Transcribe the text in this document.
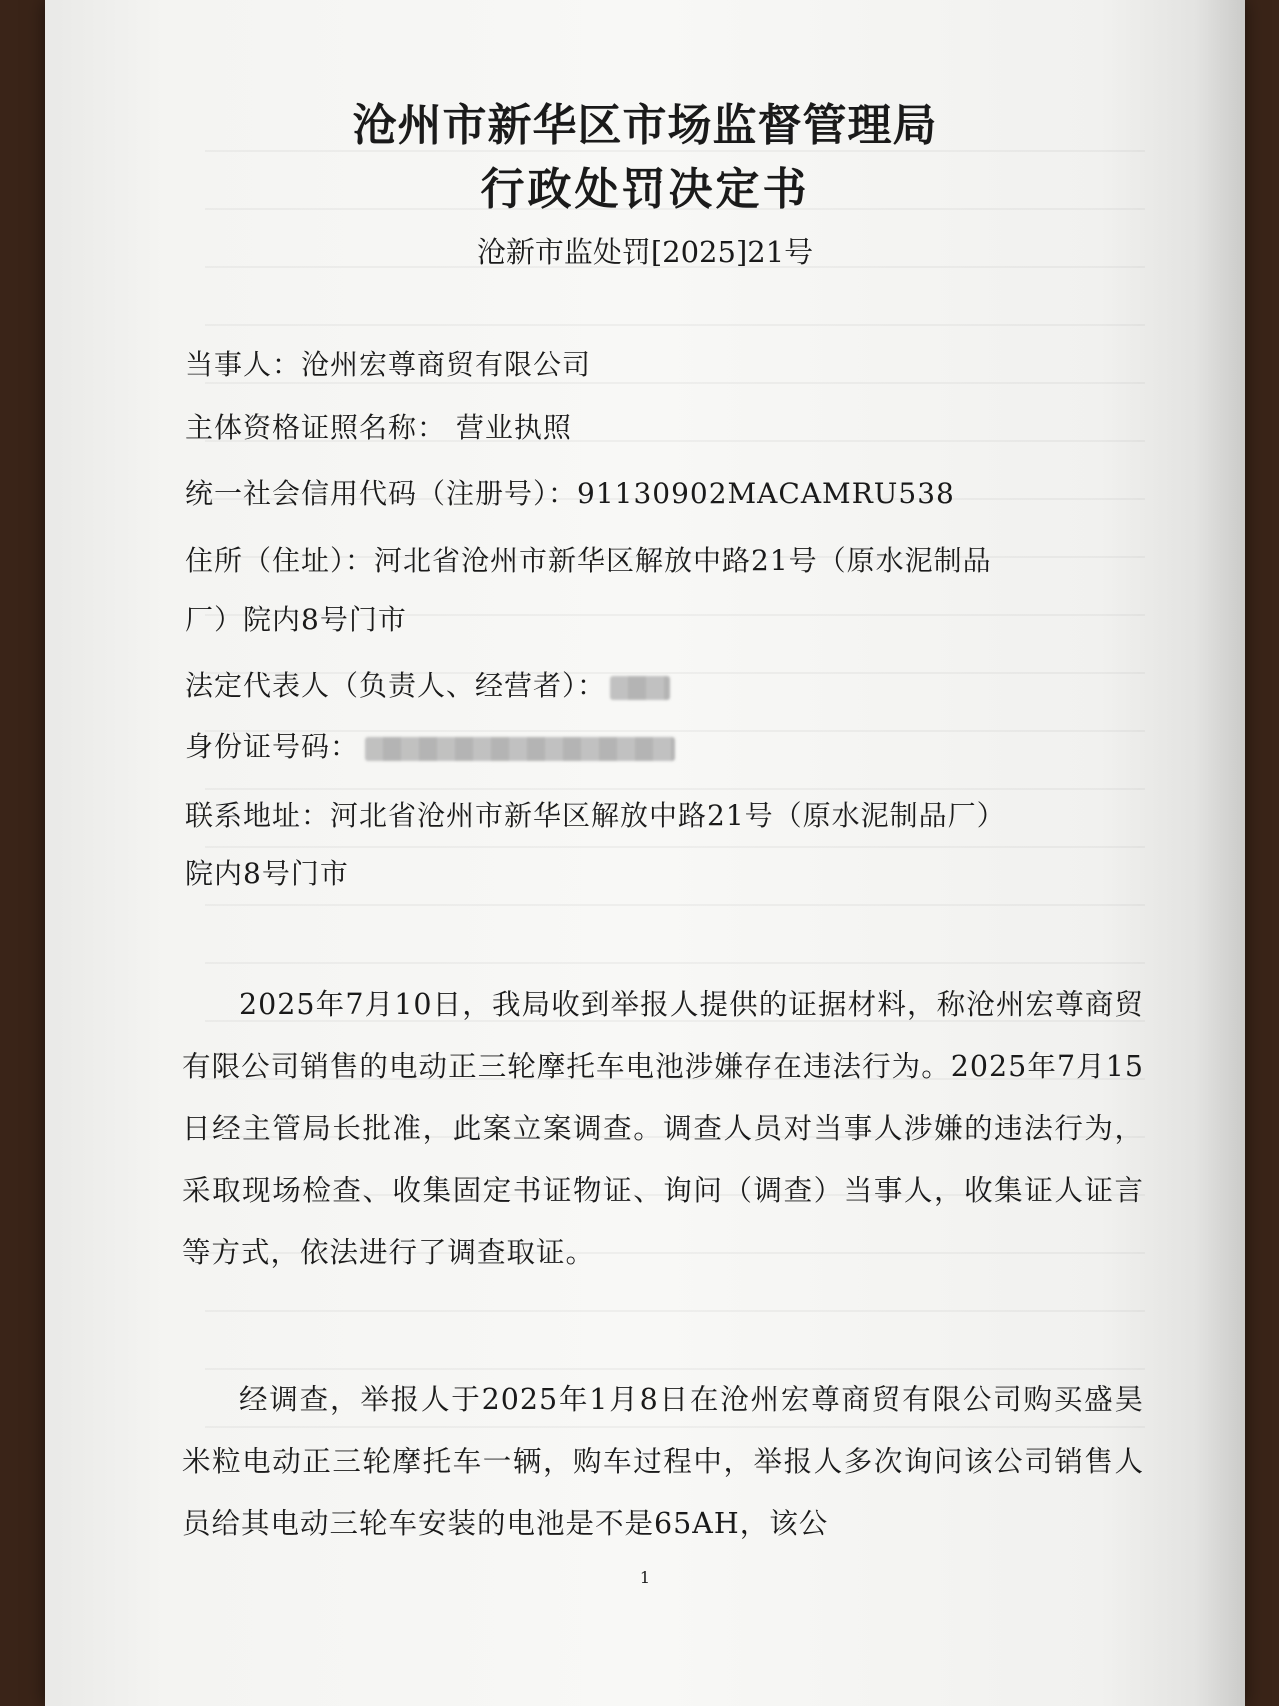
沧州市新华区市场监督管理局
行政处罚决定书
沧新市监处罚[2025]21号
当事人：沧州宏尊商贸有限公司
主体资格证照名称： 营业执照
统一社会信用代码（注册号）：91130902MACAMRU538
住所（住址）：河北省沧州市新华区解放中路21号（原水泥制品
厂）院内8号门市
法定代表人（负责人、经营者）：
身份证号码：
联系地址：河北省沧州市新华区解放中路21号（原水泥制品厂）
院内8号门市
2025年7月10日，我局收到举报人提供的证据材料，称沧州宏尊商贸有限公司销售的电动正三轮摩托车电池涉嫌存在违法行为。2025年7月15日经主管局长批准，此案立案调查。调查人员对当事人涉嫌的违法行为，采取现场检查、收集固定书证物证、询问（调查）当事人，收集证人证言等方式，依法进行了调查取证。
经调查，举报人于2025年1月8日在沧州宏尊商贸有限公司购买盛昊米粒电动正三轮摩托车一辆，购车过程中，举报人多次询问该公司销售人员给其电动三轮车安装的电池是不是65AH，该公
1
